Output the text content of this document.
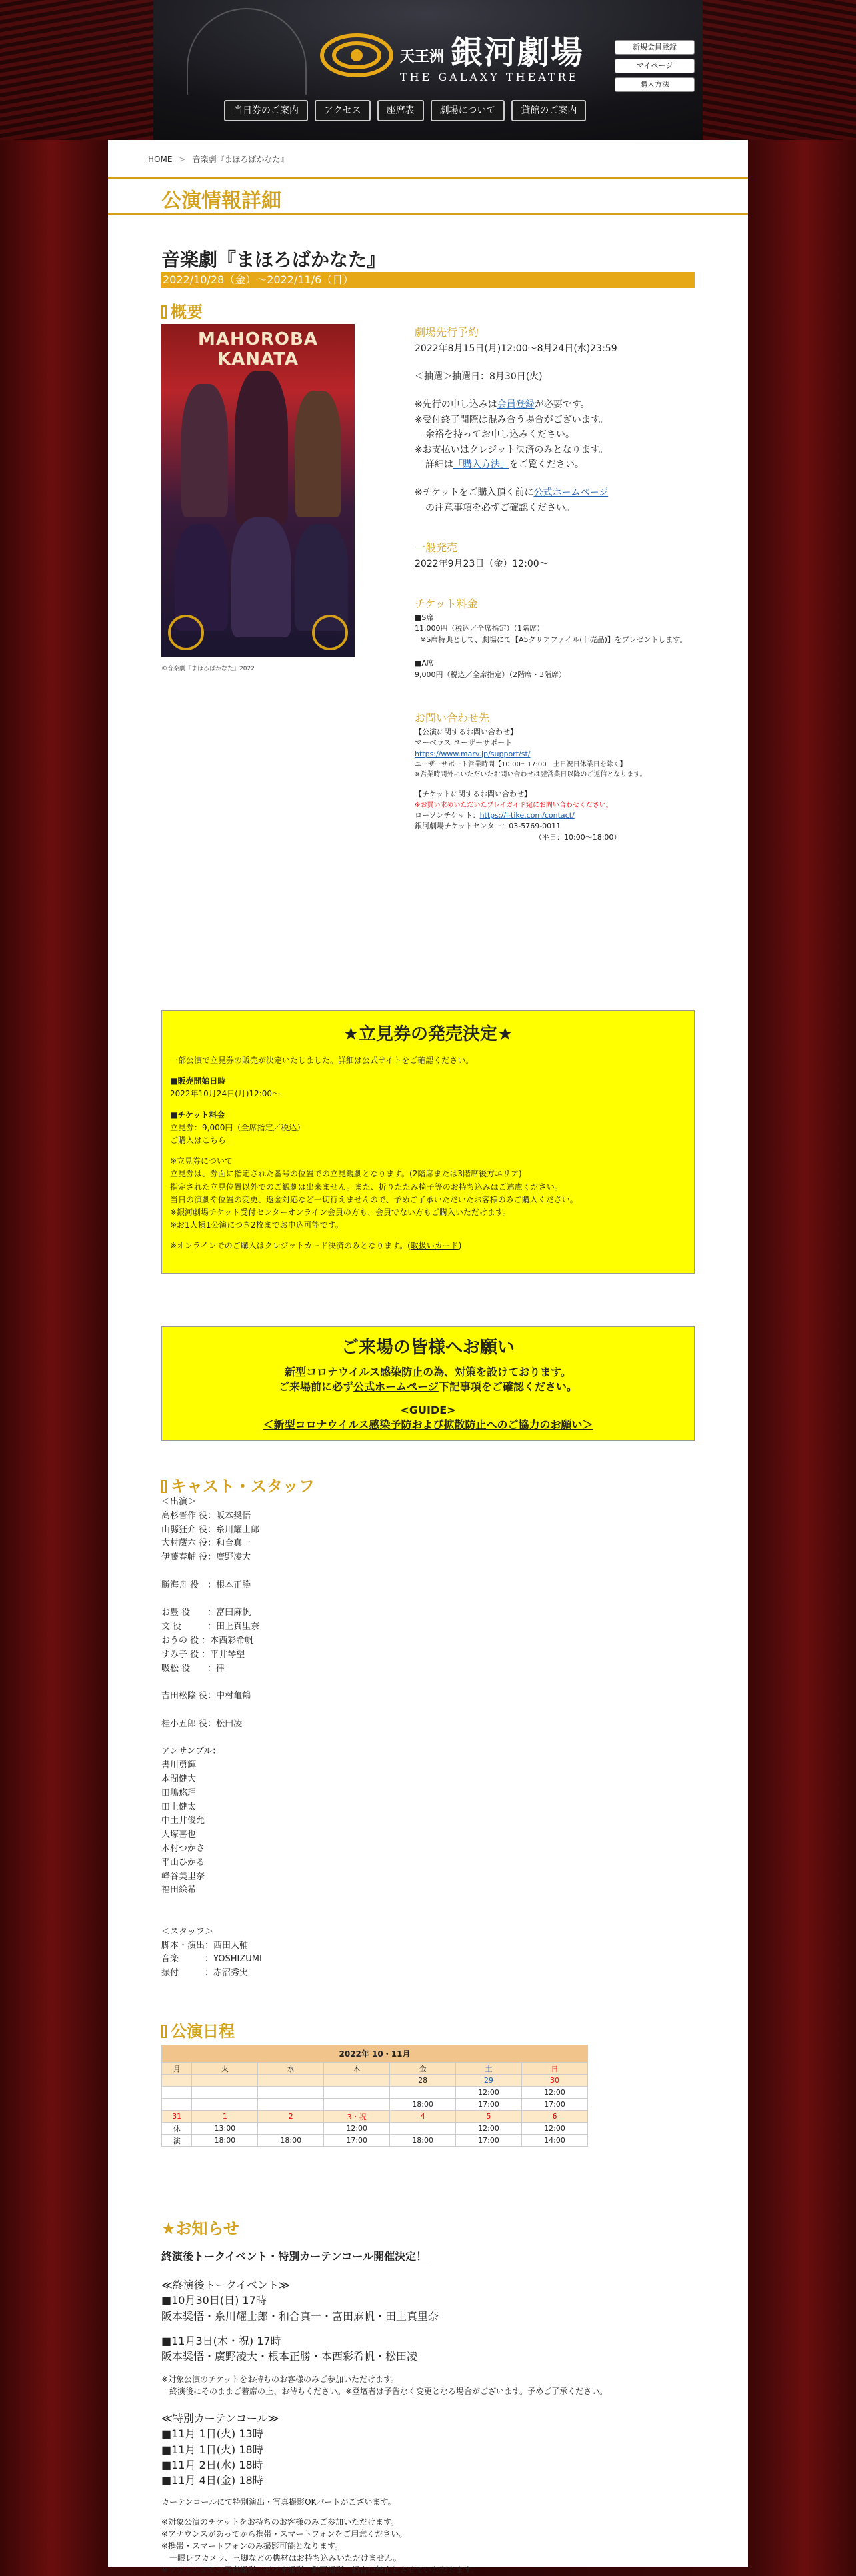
天王洲 銀河劇場
THE GALAXY THEATRE
新規会員登録
マイページ
購入方法
当日券のご案内	アクセス	座席表	劇場について	貸館のご案内
HOME > 音楽劇『まほろばかなた』
公演情報詳細
音楽劇『まほろばかなた』
2022/10/28（金）〜2022/11/6（日）
概要
MAHOROBA KANATA
©音楽劇『まほろばかなた』2022
劇場先行予約
2022年8月15日(月)12:00〜8月24日(水)23:59
＜抽選＞抽選日：8月30日(火)
※先行の申し込みは会員登録が必要です。
※受付終了間際は混み合う場合がございます。
余裕を持ってお申し込みください。
※お支払いはクレジット決済のみとなります。
詳細は「購入方法」をご覧ください。
※チケットをご購入頂く前に公式ホームページ
の注意事項を必ずご確認ください。
一般発売
2022年9月23日（金）12:00〜
チケット料金
■S席
11,000円（税込／全席指定）（1階席）
※S席特典として、劇場にて【A5クリアファイル(非売品)】をプレゼントします。
■A席
9,000円（税込／全席指定）（2階席・3階席）
お問い合わせ先
【公演に関するお問い合わせ】
マーベラス ユーザーサポート
https://www.marv.jp/support/st/
ユーザーサポート営業時間【10:00〜17:00　土日祝日休業日を除く】
※営業時間外にいただいたお問い合わせは翌営業日以降のご返信となります。
【チケットに関するお問い合わせ】
※お買い求めいただいたプレイガイド宛にお問い合わせください。
ローソンチケット：https://l-tike.com/contact/
銀河劇場チケットセンター：03-5769-0011
（平日：10:00〜18:00）
★立見券の発売決定★

一部公演で立見券の販売が決定いたしました。詳細は公式サイトをご確認ください。

■販売開始日時

2022年10月24日(月)12:00〜

■チケット料金

立見券：9,000円（全席指定／税込）

ご購入はこちら

※立見券について

立見券は、券面に指定された番号の位置での立見観劇となります。(2階席または3階席後方エリア)

指定された立見位置以外でのご観劇は出来ません。また、折りたたみ椅子等のお持ち込みはご遠慮ください。

当日の演劇や位置の変更、返金対応など一切行えませんので、予めご了承いただいたお客様のみご購入ください。

※銀河劇場チケット受付センターオンライン会員の方も、会員でない方もご購入いただけます。

※お1人様1公演につき2枚までお申込可能です。

※オンラインでのご購入はクレジットカード決済のみとなります。(取扱いカード)

ご来場の皆様へお願い
新型コロナウイルス感染防止の為、対策を設けております。
ご来場前に必ず公式ホームページ下記事項をご確認ください。
<GUIDE>
＜新型コロナウイルス感染予防および拡散防止へのご協力のお願い＞
キャスト・スタッフ
＜出演＞
高杉晋作 役：阪本奨悟
山縣狂介 役：糸川耀士郎
大村蔵六 役：和合真一
伊藤春輔 役：廣野凌大

勝海舟 役　：根本正勝

お豊 役　　：富田麻帆
文 役　　　：田上真里奈
おうの 役 ：本西彩希帆
すみ子 役 ：平井琴望
吸松 役　　：律

吉田松陰 役：中村亀鶴

桂小五郎 役：松田凌

アンサンブル：
書川勇輝
本間健大
田嶋悠理
田上健太
中土井俊允
大塚喜也
木村つかさ
平山ひかる
峰谷美里奈
福田絵希

＜スタッフ＞
脚本・演出：西田大輔
音楽　　　：YOSHIZUMI
振付　　　：赤沼秀実
公演日程
2022年 10・11月						
月	火	水	木	金	土	日
				28	29	30
					12:00	12:00
				18:00	17:00	17:00
31	1	2	3・祝	4	5	6
休	13:00		12:00		12:00	12:00
演	18:00	18:00	17:00	18:00	17:00	14:00
★お知らせ
終演後トークイベント・特別カーテンコール開催決定！
≪終演後トークイベント≫
■10月30日(日) 17時
阪本奨悟・糸川耀士郎・和合真一・富田麻帆・田上真里奈
■11月3日(木・祝) 17時
阪本奨悟・廣野凌大・根本正勝・本西彩希帆・松田凌
※対象公演のチケットをお持ちのお客様のみご参加いただけます。
終演後にそのままご着席の上、お待ちください。※登壇者は予告なく変更となる場合がございます。予めご了承ください。
≪特別カーテンコール≫
■11月 1日(火) 13時
■11月 1日(火) 18時
■11月 2日(水) 18時
■11月 4日(金) 18時
カーテンコールにて特別演出・写真撮影OKパートがございます。
※対象公演のチケットをお持ちのお客様のみご参加いただけます。
※アナウンスがあってから携帯・スマートフォンをご用意ください。
※携帯・スマートフォンのみ撮影可能となります。
一眼レフカメラ、三脚などの機材はお持ち込みいただけません。
※フラッシュでの写真撮影、ビデオ撮影、動画撮影、録音は禁止とさせていただきます。
